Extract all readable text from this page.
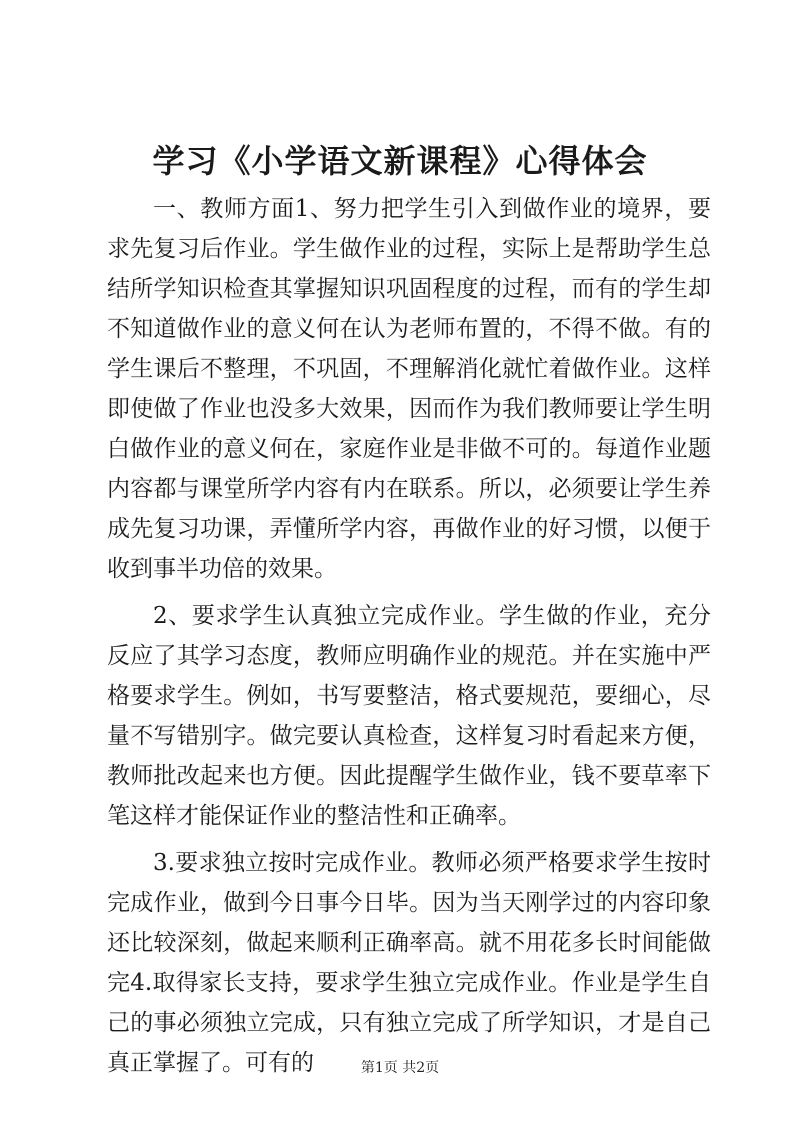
学习《小学语文新课程》心得体会

一、教师方面1、努力把学生引入到做作业的境界，要求先复习后作业。学生做作业的过程，实际上是帮助学生总结所学知识检查其掌握知识巩固程度的过程，而有的学生却不知道做作业的意义何在认为老师布置的，不得不做。有的学生课后不整理，不巩固，不理解消化就忙着做作业。这样即使做了作业也没多大效果，因而作为我们教师要让学生明白做作业的意义何在，家庭作业是非做不可的。每道作业题内容都与课堂所学内容有内在联系。所以，必须要让学生养成先复习功课，弄懂所学内容，再做作业的好习惯，以便于收到事半功倍的效果。

2、要求学生认真独立完成作业。学生做的作业，充分反应了其学习态度，教师应明确作业的规范。并在实施中严格要求学生。例如，书写要整洁，格式要规范，要细心，尽量不写错别字。做完要认真检查，这样复习时看起来方便，教师批改起来也方便。因此提醒学生做作业，钱不要草率下笔这样才能保证作业的整洁性和正确率。

3.要求独立按时完成作业。教师必须严格要求学生按时完成作业，做到今日事今日毕。因为当天刚学过的内容印象还比较深刻，做起来顺利正确率高。就不用花多长时间能做完4.取得家长支持，要求学生独立完成作业。作业是学生自己的事必须独立完成，只有独立完成了所学知识，才是自己真正掌握了。可有的	第1页 共2页
